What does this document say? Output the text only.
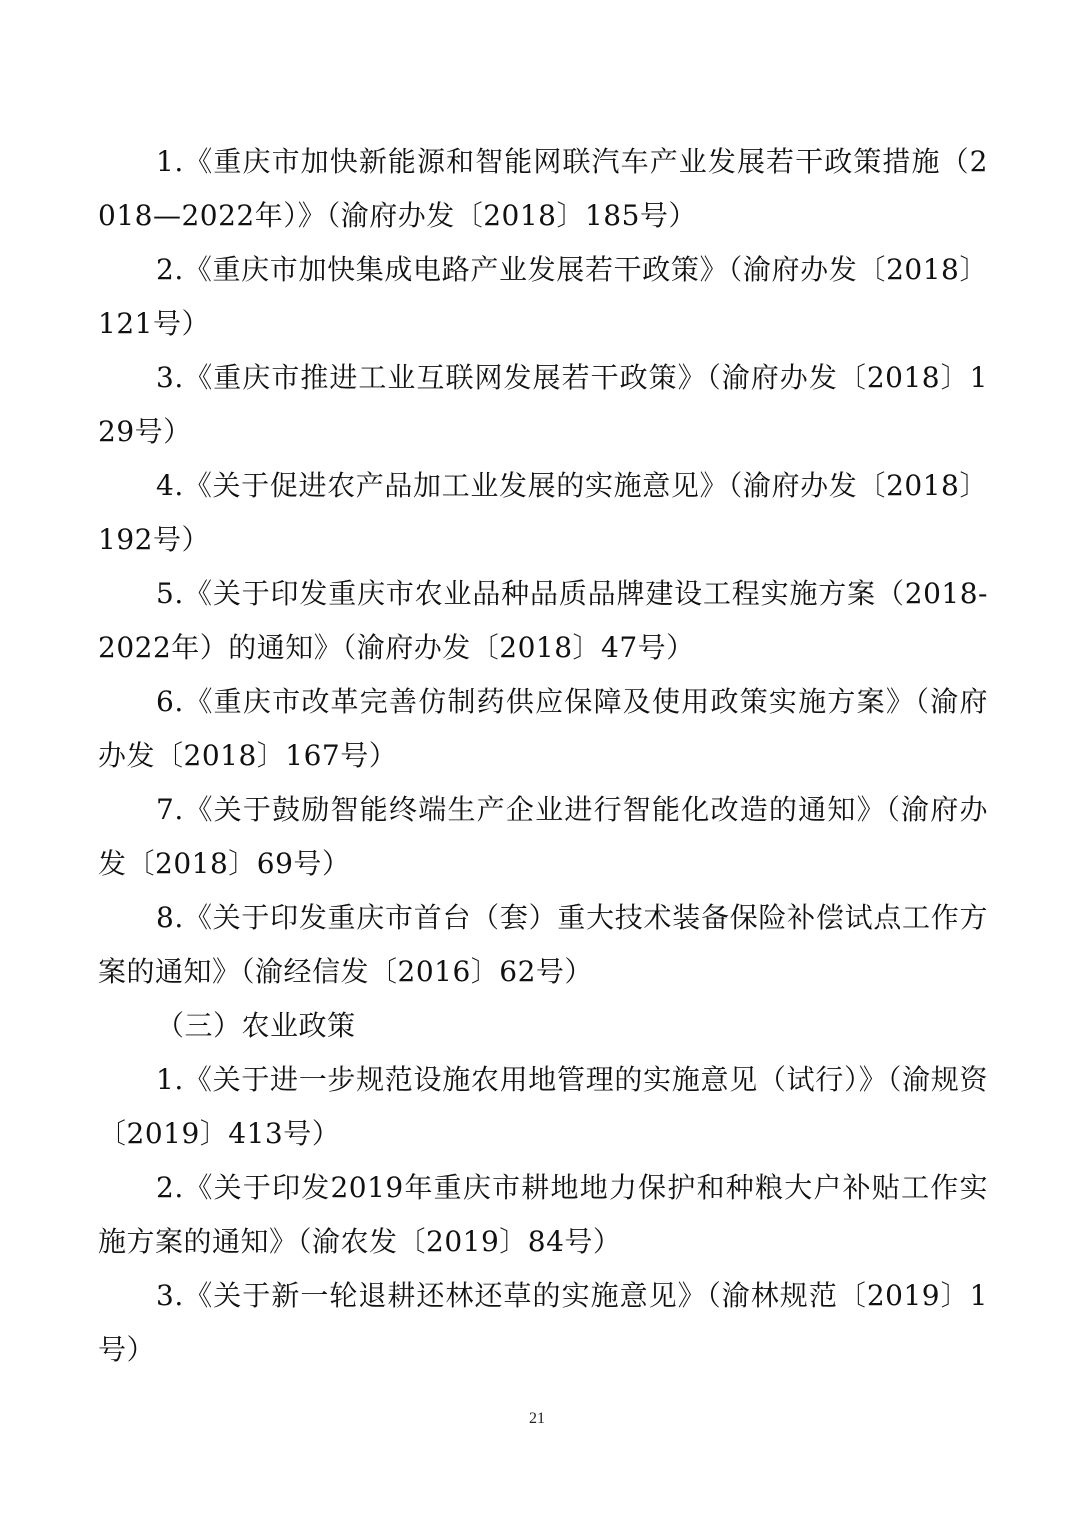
1.《重庆市加快新能源和智能网联汽车产业发展若干政策措施（2018—2022年）》（渝府办发〔2018〕185号）

2.《重庆市加快集成电路产业发展若干政策》（渝府办发〔2018〕121号）

3.《重庆市推进工业互联网发展若干政策》（渝府办发〔2018〕129号）

4.《关于促进农产品加工业发展的实施意见》（渝府办发〔2018〕192号）

5.《关于印发重庆市农业品种品质品牌建设工程实施方案（2018-2022年）的通知》（渝府办发〔2018〕47号）

6.《重庆市改革完善仿制药供应保障及使用政策实施方案》（渝府办发〔2018〕167号）

7.《关于鼓励智能终端生产企业进行智能化改造的通知》（渝府办发〔2018〕69号）

8.《关于印发重庆市首台（套）重大技术装备保险补偿试点工作方案的通知》（渝经信发〔2016〕62号）

（三）农业政策

1.《关于进一步规范设施农用地管理的实施意见（试行）》（渝规资〔2019〕413号）

2.《关于印发2019年重庆市耕地地力保护和种粮大户补贴工作实施方案的通知》（渝农发〔2019〕84号）

3.《关于新一轮退耕还林还草的实施意见》（渝林规范〔2019〕1号）

21
